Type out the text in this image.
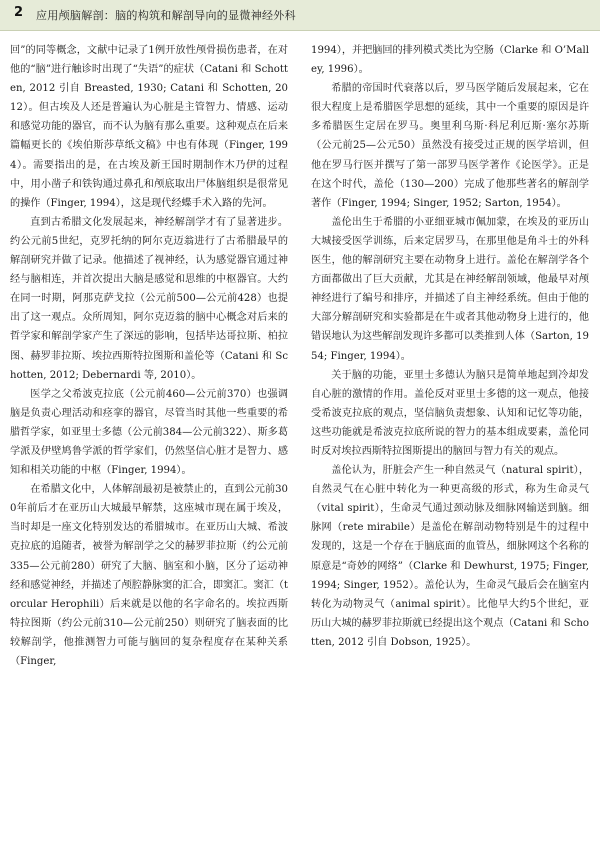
2 应用颅脑解剖：脑的构筑和解剖导向的显微神经外科

回”的同等概念，文献中记录了1例开放性颅骨损伤患者，在对他的“脑”进行触诊时出现了“失语”的症状（Catani 和 Schotten, 2012 引自 Breasted, 1930; Catani 和 Schotten, 2012）。但古埃及人还是普遍认为心脏是主管智力、情感、运动和感觉功能的器官，而不认为脑有那么重要。这种观点在后来篇幅更长的《埃伯斯莎草纸文稿》中也有体现（Finger, 1994）。需要指出的是，在古埃及新王国时期制作木乃伊的过程中，用小凿子和铁钩通过鼻孔和颅底取出尸体脑组织是很常见的操作（Finger, 1994），这是现代经蝶手术入路的先河。

直到古希腊文化发展起来，神经解剖学才有了显著进步。约公元前5世纪，克罗托纳的阿尔克迈翁进行了古希腊最早的解剖研究并做了记录。他描述了视神经，认为感觉器官通过神经与脑相连，并首次提出大脑是感觉和思维的中枢器官。大约在同一时期，阿那克萨戈拉（公元前500—公元前428）也提出了这一观点。众所周知，阿尔克迈翁的脑中心概念对后来的哲学家和解剖学家产生了深远的影响，包括毕达哥拉斯、柏拉图、赫罗菲拉斯、埃拉西斯特拉图斯和盖伦等（Catani 和 Schotten, 2012; Debernardi 等, 2010）。

医学之父希波克拉底（公元前460—公元前370）也强调脑是负责心理活动和痉挛的器官，尽管当时其他一些重要的希腊哲学家，如亚里士多德（公元前384—公元前322）、斯多葛学派及伊壁鸠鲁学派的哲学家们，仍然坚信心脏才是智力、感知和相关功能的中枢（Finger, 1994）。

在希腊文化中，人体解剖最初是被禁止的，直到公元前300年前后才在亚历山大城最早解禁，这座城市现在属于埃及，当时却是一座文化特别发达的希腊城市。在亚历山大城、希波克拉底的追随者，被誉为解剖学之父的赫罗菲拉斯（约公元前335—公元前280）研究了大脑、脑室和小脑，区分了运动神经和感觉神经，并描述了颅腔静脉窦的汇合，即窦汇。窦汇（torcular Herophili）后来就是以他的名字命名的。埃拉西斯特拉图斯（约公元前310—公元前250）则研究了脑表面的比较解剖学，他推测智力可能与脑回的复杂程度存在某种关系（Finger,

1994），并把脑回的排列模式类比为空肠（Clarke 和 O’Malley, 1996）。

希腊的帝国时代衰落以后，罗马医学随后发展起来，它在很大程度上是希腊医学思想的延续，其中一个重要的原因是许多希腊医生定居在罗马。奥里利乌斯·科尼利厄斯·塞尔苏斯（公元前25—公元50）虽然没有接受过正规的医学培训，但他在罗马行医并撰写了第一部罗马医学著作《论医学》。正是在这个时代，盖伦（130—200）完成了他那些著名的解剖学著作（Finger, 1994; Singer, 1952; Sarton, 1954）。

盖伦出生于希腊的小亚细亚城市佩加蒙，在埃及的亚历山大城接受医学训练，后来定居罗马，在那里他是角斗士的外科医生，他的解剖研究主要在动物身上进行。盖伦在解剖学各个方面都做出了巨大贡献，尤其是在神经解剖领域，他最早对颅神经进行了编号和排序，并描述了自主神经系统。但由于他的大部分解剖研究和实验都是在牛或者其他动物身上进行的，他错误地认为这些解剖发现许多都可以类推到人体（Sarton, 1954; Finger, 1994）。

关于脑的功能，亚里士多德认为脑只是简单地起到冷却发自心脏的激情的作用。盖伦反对亚里士多德的这一观点，他接受希波克拉底的观点，坚信脑负责想象、认知和记忆等功能，这些功能就是希波克拉底所说的智力的基本组成要素，盖伦同时反对埃拉西斯特拉图斯提出的脑回与智力有关的观点。

盖伦认为，肝脏会产生一种自然灵气（natural spirit），自然灵气在心脏中转化为一种更高级的形式，称为生命灵气（vital spirit），生命灵气通过颈动脉及细脉网输送到脑。细脉网（rete mirabile）是盖伦在解剖动物特别是牛的过程中发现的，这是一个存在于脑底面的血管丛，细脉网这个名称的原意是“奇妙的网络”（Clarke 和 Dewhurst, 1975; Finger, 1994; Singer, 1952）。盖伦认为，生命灵气最后会在脑室内转化为动物灵气（animal spirit）。比他早大约5个世纪，亚历山大城的赫罗菲拉斯就已经提出这个观点（Catani 和 Schotten, 2012 引自 Dobson, 1925）。
